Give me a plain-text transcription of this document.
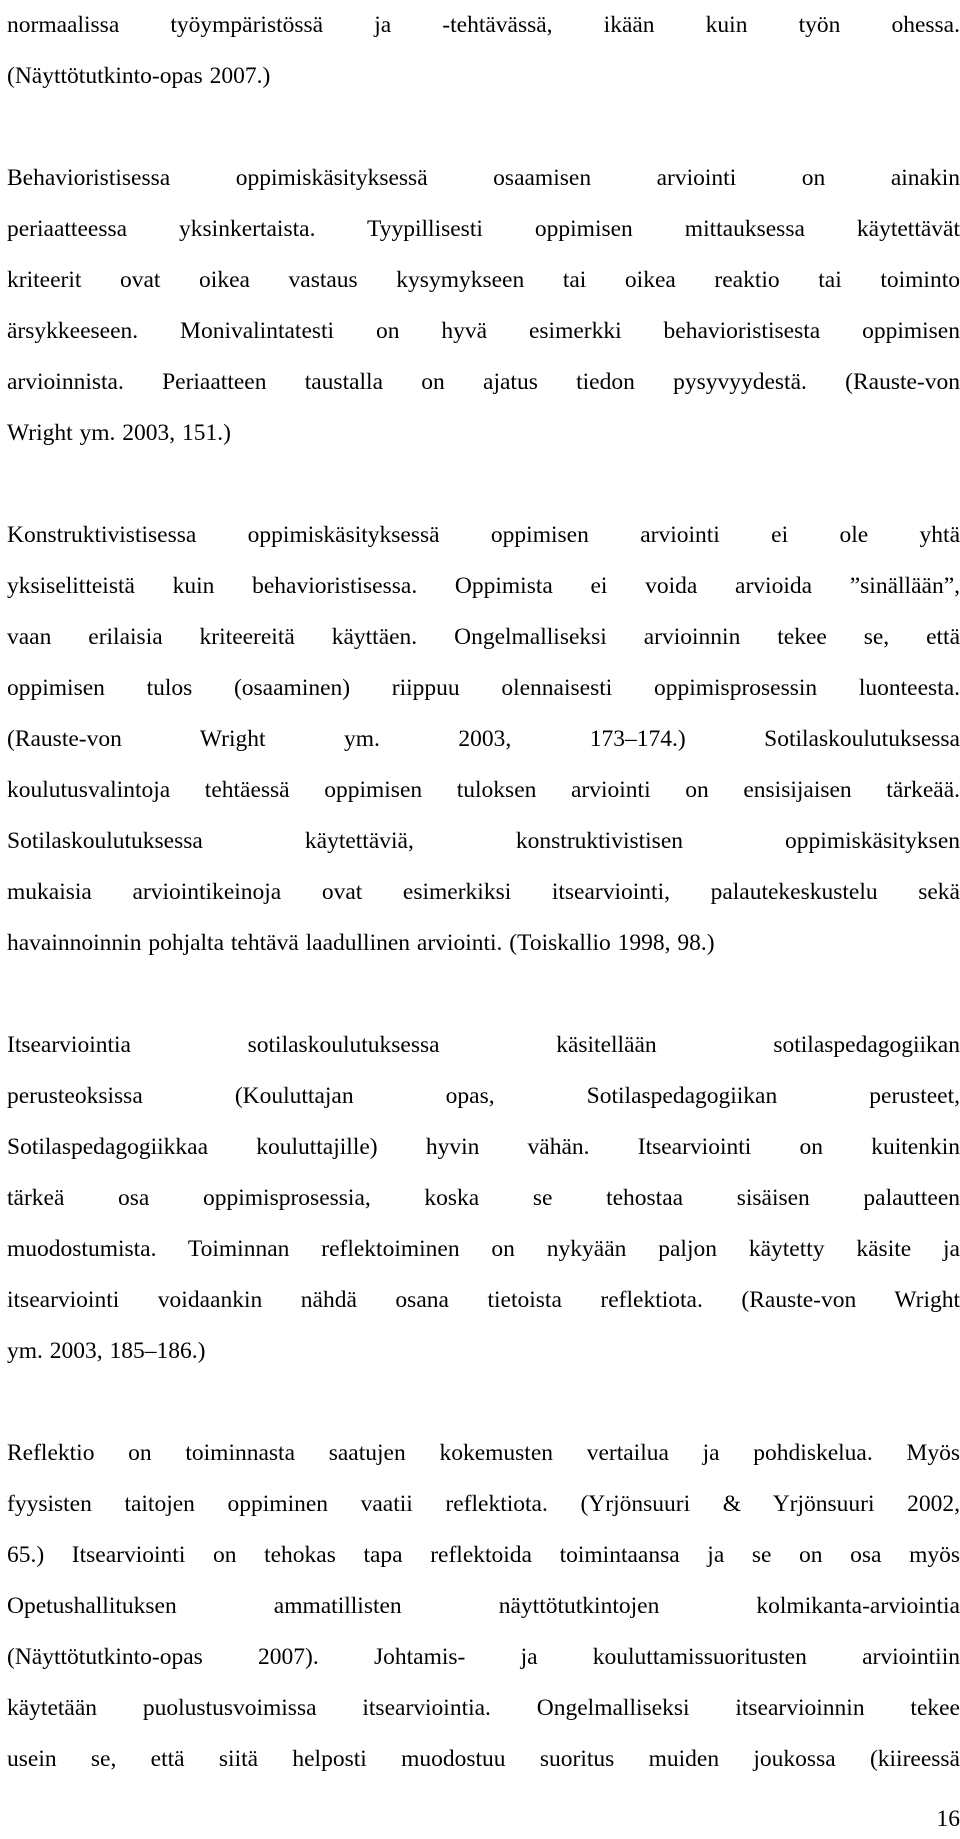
normaalissa työympäristössä ja -tehtävässä, ikään kuin työn ohessa.
(Näyttötutkinto-opas 2007.)

Behavioristisessa oppimiskäsityksessä osaamisen arviointi on ainakin
periaatteessa yksinkertaista. Tyypillisesti oppimisen mittauksessa käytettävät
kriteerit ovat oikea vastaus kysymykseen tai oikea reaktio tai toiminto
ärsykkeeseen. Monivalintatesti on hyvä esimerkki behavioristisesta oppimisen
arvioinnista. Periaatteen taustalla on ajatus tiedon pysyvyydestä. (Rauste-von
Wright ym. 2003, 151.)

Konstruktivistisessa oppimiskäsityksessä oppimisen arviointi ei ole yhtä
yksiselitteistä kuin behavioristisessa. Oppimista ei voida arvioida ”sinällään”,
vaan erilaisia kriteereitä käyttäen. Ongelmalliseksi arvioinnin tekee se, että
oppimisen tulos (osaaminen) riippuu olennaisesti oppimisprosessin luonteesta.
(Rauste-von Wright ym. 2003, 173–174.) Sotilaskoulutuksessa
koulutusvalintoja tehtäessä oppimisen tuloksen arviointi on ensisijaisen tärkeää.
Sotilaskoulutuksessa käytettäviä, konstruktivistisen oppimiskäsityksen
mukaisia arviointikeinoja ovat esimerkiksi itsearviointi, palautekeskustelu sekä
havainnoinnin pohjalta tehtävä laadullinen arviointi. (Toiskallio 1998, 98.)

Itsearviointia sotilaskoulutuksessa käsitellään sotilaspedagogiikan
perusteoksissa (Kouluttajan opas, Sotilaspedagogiikan perusteet,
Sotilaspedagogiikkaa kouluttajille) hyvin vähän. Itsearviointi on kuitenkin
tärkeä osa oppimisprosessia, koska se tehostaa sisäisen palautteen
muodostumista. Toiminnan reflektoiminen on nykyään paljon käytetty käsite ja
itsearviointi voidaankin nähdä osana tietoista reflektiota. (Rauste-von Wright
ym. 2003, 185–186.)

Reflektio on toiminnasta saatujen kokemusten vertailua ja pohdiskelua. Myös
fyysisten taitojen oppiminen vaatii reflektiota. (Yrjönsuuri & Yrjönsuuri 2002,
65.) Itsearviointi on tehokas tapa reflektoida toimintaansa ja se on osa myös
Opetushallituksen ammatillisten näyttötutkintojen kolmikanta-arviointia
(Näyttötutkinto-opas 2007). Johtamis- ja kouluttamissuoritusten arviointiin
käytetään puolustusvoimissa itsearviointia. Ongelmalliseksi itsearvioinnin tekee
usein se, että siitä helposti muodostuu suoritus muiden joukossa (kiireessä

16
